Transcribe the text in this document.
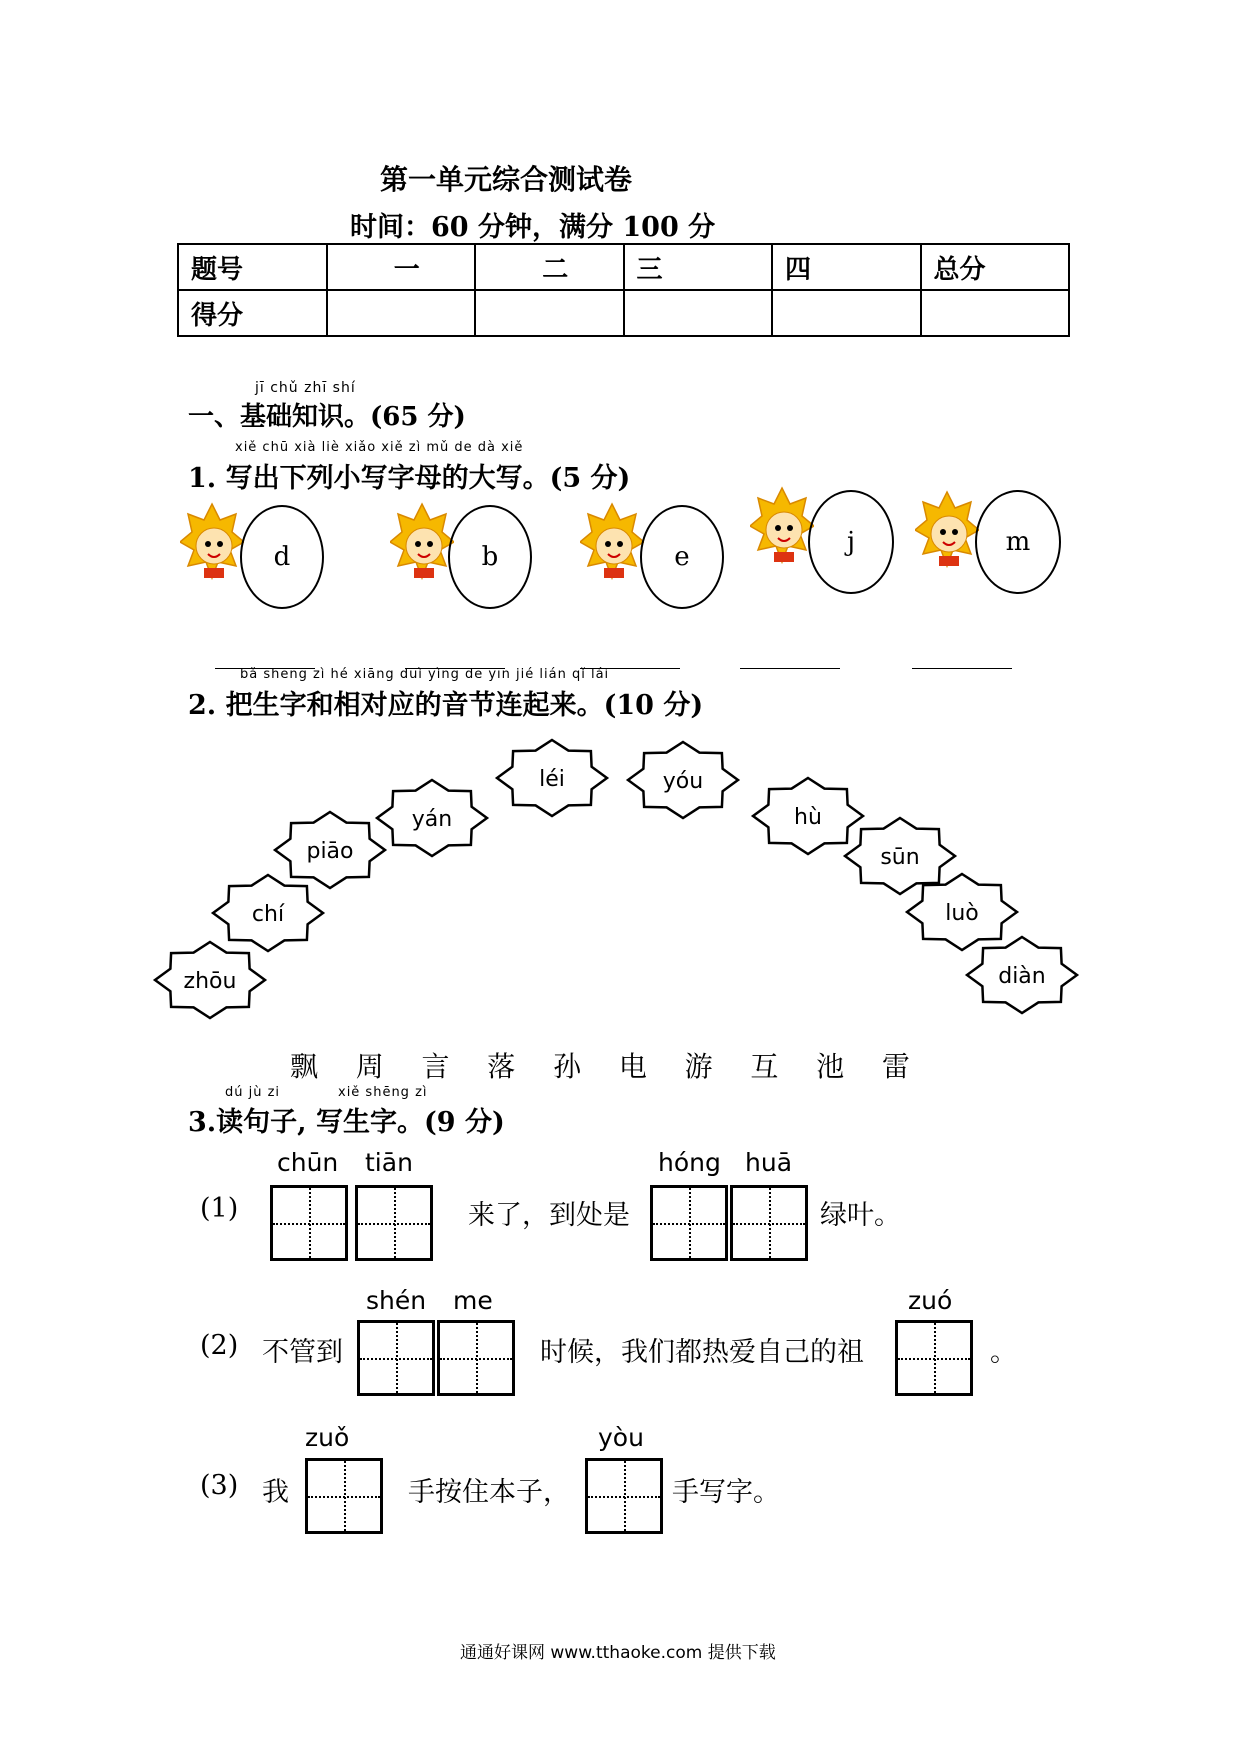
第一单元综合测试卷
时间：60 分钟，满分 100 分
题号	一	二	三	四	总分
得分					
jī chǔ zhī shí
一、基础知识。(65 分)
xiě chū xià liè xiǎo xiě zì mǔ de dà xiě
1. 写出下列小写字母的大写。(5 分)
d	b	e	j	m
bǎ shēng zì hé xiāng duì yìng de yīn jié lián qǐ lái
2. 把生字和相对应的音节连起来。(10 分)
zhōu
chí
piāo
yán
léi	yóu
hù
sūn
luò
diàn
飘 周 言 落 孙 电 游 互 池 雷
dú jù zi	xiě shēng zì
3.读句子, 写生字。(9 分)
(1)
chūn tiān
来了，到处是
hóng huā
绿叶。
(2) 不管到
shén me
时候，我们都热爱自己的祖
zuó
。
(3) 我
zuǒ
手按住本子，
yòu
手写字。
通通好课网 www.tthaoke.com 提供下载
